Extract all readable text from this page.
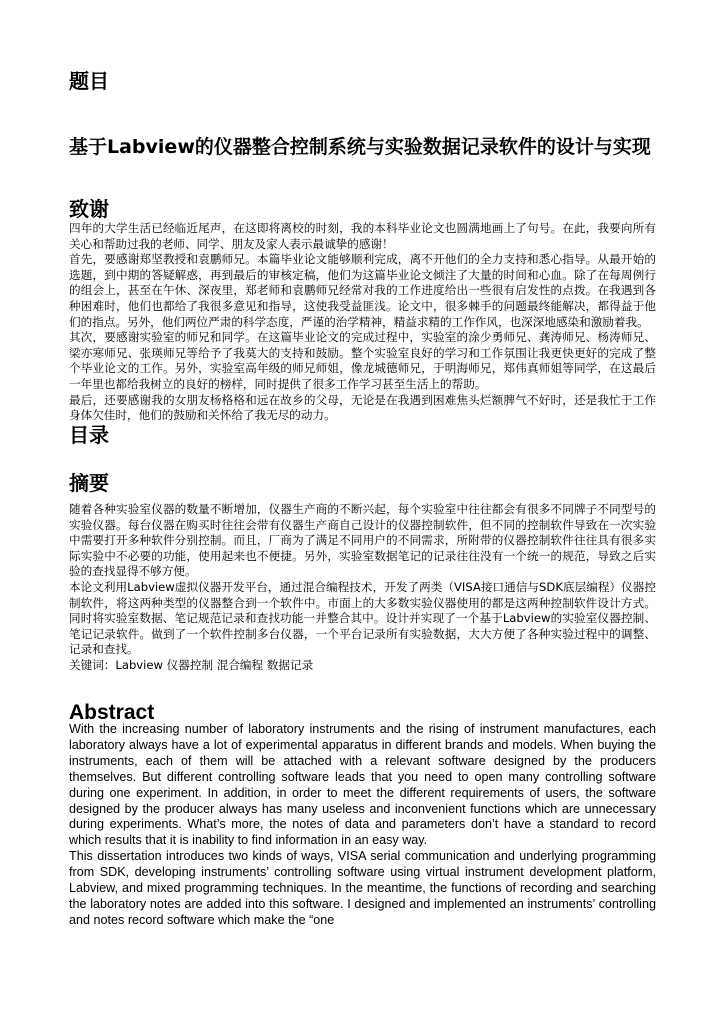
题目
基于Labview的仪器整合控制系统与实验数据记录软件的设计与实现
致谢

四年的大学生活已经临近尾声，在这即将离校的时刻，我的本科毕业论文也圆满地画上了句号。在此，我要向所有关心和帮助过我的老师、同学、朋友及家人表示最诚挚的感谢！

首先，要感谢郑坚教授和袁鹏师兄。本篇毕业论文能够顺利完成，离不开他们的全力支持和悉心指导。从最开始的选题，到中期的答疑解惑，再到最后的审核定稿，他们为这篇毕业论文倾注了大量的时间和心血。除了在每周例行的组会上，甚至在午休、深夜里，郑老师和袁鹏师兄经常对我的工作进度给出一些很有启发性的点拨。在我遇到各种困难时，他们也都给了我很多意见和指导，这使我受益匪浅。论文中，很多棘手的问题最终能解决，都得益于他们的指点。另外，他们两位严肃的科学态度，严谨的治学精神，精益求精的工作作风，也深深地感染和激励着我。

其次，要感谢实验室的师兄和同学。在这篇毕业论文的完成过程中，实验室的涂少勇师兄、龚涛师兄、杨涛师兄、梁亦寒师兄、张瑛师兄等给予了我莫大的支持和鼓励。整个实验室良好的学习和工作氛围让我更快更好的完成了整个毕业论文的工作。另外，实验室高年级的师兄师姐，像龙城德师兄，于明海师兄，郑伟真师姐等同学，在这最后一年里也都给我树立的良好的榜样，同时提供了很多工作学习甚至生活上的帮助。

最后，还要感谢我的女朋友杨格格和远在故乡的父母，无论是在我遇到困难焦头烂额脾气不好时，还是我忙于工作身体欠佳时，他们的鼓励和关怀给了我无尽的动力。

目录
摘要

随着各种实验室仪器的数量不断增加，仪器生产商的不断兴起，每个实验室中往往都会有很多不同牌子不同型号的实验仪器。每台仪器在购买时往往会带有仪器生产商自己设计的仪器控制软件，但不同的控制软件导致在一次实验中需要打开多种软件分别控制。而且，厂商为了满足不同用户的不同需求，所附带的仪器控制软件往往具有很多实际实验中不必要的功能，使用起来也不便捷。另外，实验室数据笔记的记录往往没有一个统一的规范，导致之后实验的查找显得不够方便。

本论文利用Labview虚拟仪器开发平台，通过混合编程技术，开发了两类（VISA接口通信与SDK底层编程）仪器控制软件，将这两种类型的仪器整合到一个软件中。市面上的大多数实验仪器使用的都是这两种控制软件设计方式。同时将实验室数据、笔记规范记录和查找功能一并整合其中。设计并实现了一个基于Labview的实验室仪器控制、笔记记录软件。做到了一个软件控制多台仪器，一个平台记录所有实验数据，大大方便了各种实验过程中的调整、记录和查找。

关键词：Labview 仪器控制 混合编程 数据记录

Abstract

With the increasing number of laboratory instruments and the rising of instrument manufactures, each laboratory always have a lot of experimental apparatus in different brands and models. When buying the instruments, each of them will be attached with a relevant software designed by the producers themselves. But different controlling software leads that you need to open many controlling software during one experiment. In addition, in order to meet the different requirements of users, the software designed by the producer always has many useless and inconvenient functions which are unnecessary during experiments. What’s more, the notes of data and parameters don’t have a standard to record which results that it is inability to find information in an easy way.

This dissertation introduces two kinds of ways, VISA serial communication and underlying programming from SDK, developing instruments’ controlling software using virtual instrument development platform, Labview, and mixed programming techniques. In the meantime, the functions of recording and searching the laboratory notes are added into this software. I designed and implemented an instruments’ controlling and notes record software which make the “one
